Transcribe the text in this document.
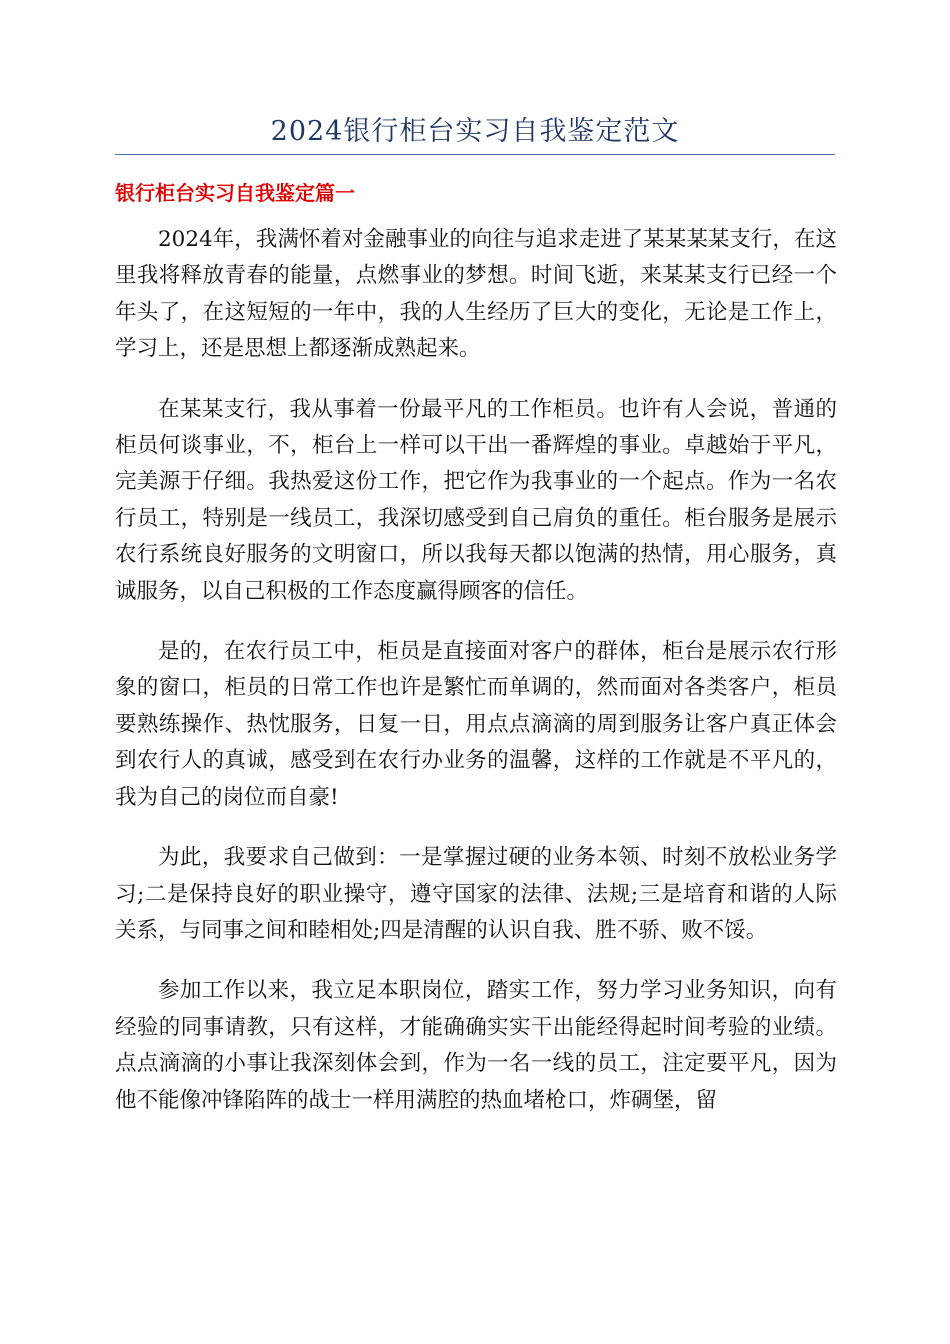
2024银行柜台实习自我鉴定范文
银行柜台实习自我鉴定篇一

2024年，我满怀着对金融事业的向往与追求走进了某某某某支行，在这里我将释放青春的能量，点燃事业的梦想。时间飞逝，来某某支行已经一个年头了，在这短短的一年中，我的人生经历了巨大的变化，无论是工作上，学习上，还是思想上都逐渐成熟起来。

在某某支行，我从事着一份最平凡的工作柜员。也许有人会说，普通的柜员何谈事业，不，柜台上一样可以干出一番辉煌的事业。卓越始于平凡，完美源于仔细。我热爱这份工作，把它作为我事业的一个起点。作为一名农行员工，特别是一线员工，我深切感受到自己肩负的重任。柜台服务是展示农行系统良好服务的文明窗口，所以我每天都以饱满的热情，用心服务，真诚服务，以自己积极的工作态度赢得顾客的信任。

是的，在农行员工中，柜员是直接面对客户的群体，柜台是展示农行形象的窗口，柜员的日常工作也许是繁忙而单调的，然而面对各类客户，柜员要熟练操作、热忱服务，日复一日，用点点滴滴的周到服务让客户真正体会到农行人的真诚，感受到在农行办业务的温馨，这样的工作就是不平凡的，我为自己的岗位而自豪!

为此，我要求自己做到：一是掌握过硬的业务本领、时刻不放松业务学习;二是保持良好的职业操守，遵守国家的法律、法规;三是培育和谐的人际关系，与同事之间和睦相处;四是清醒的认识自我、胜不骄、败不馁。

参加工作以来，我立足本职岗位，踏实工作，努力学习业务知识，向有经验的同事请教，只有这样，才能确确实实干出能经得起时间考验的业绩。点点滴滴的小事让我深刻体会到，作为一名一线的员工，注定要平凡，因为他不能像冲锋陷阵的战士一样用满腔的热血堵枪口，炸碉堡，留
